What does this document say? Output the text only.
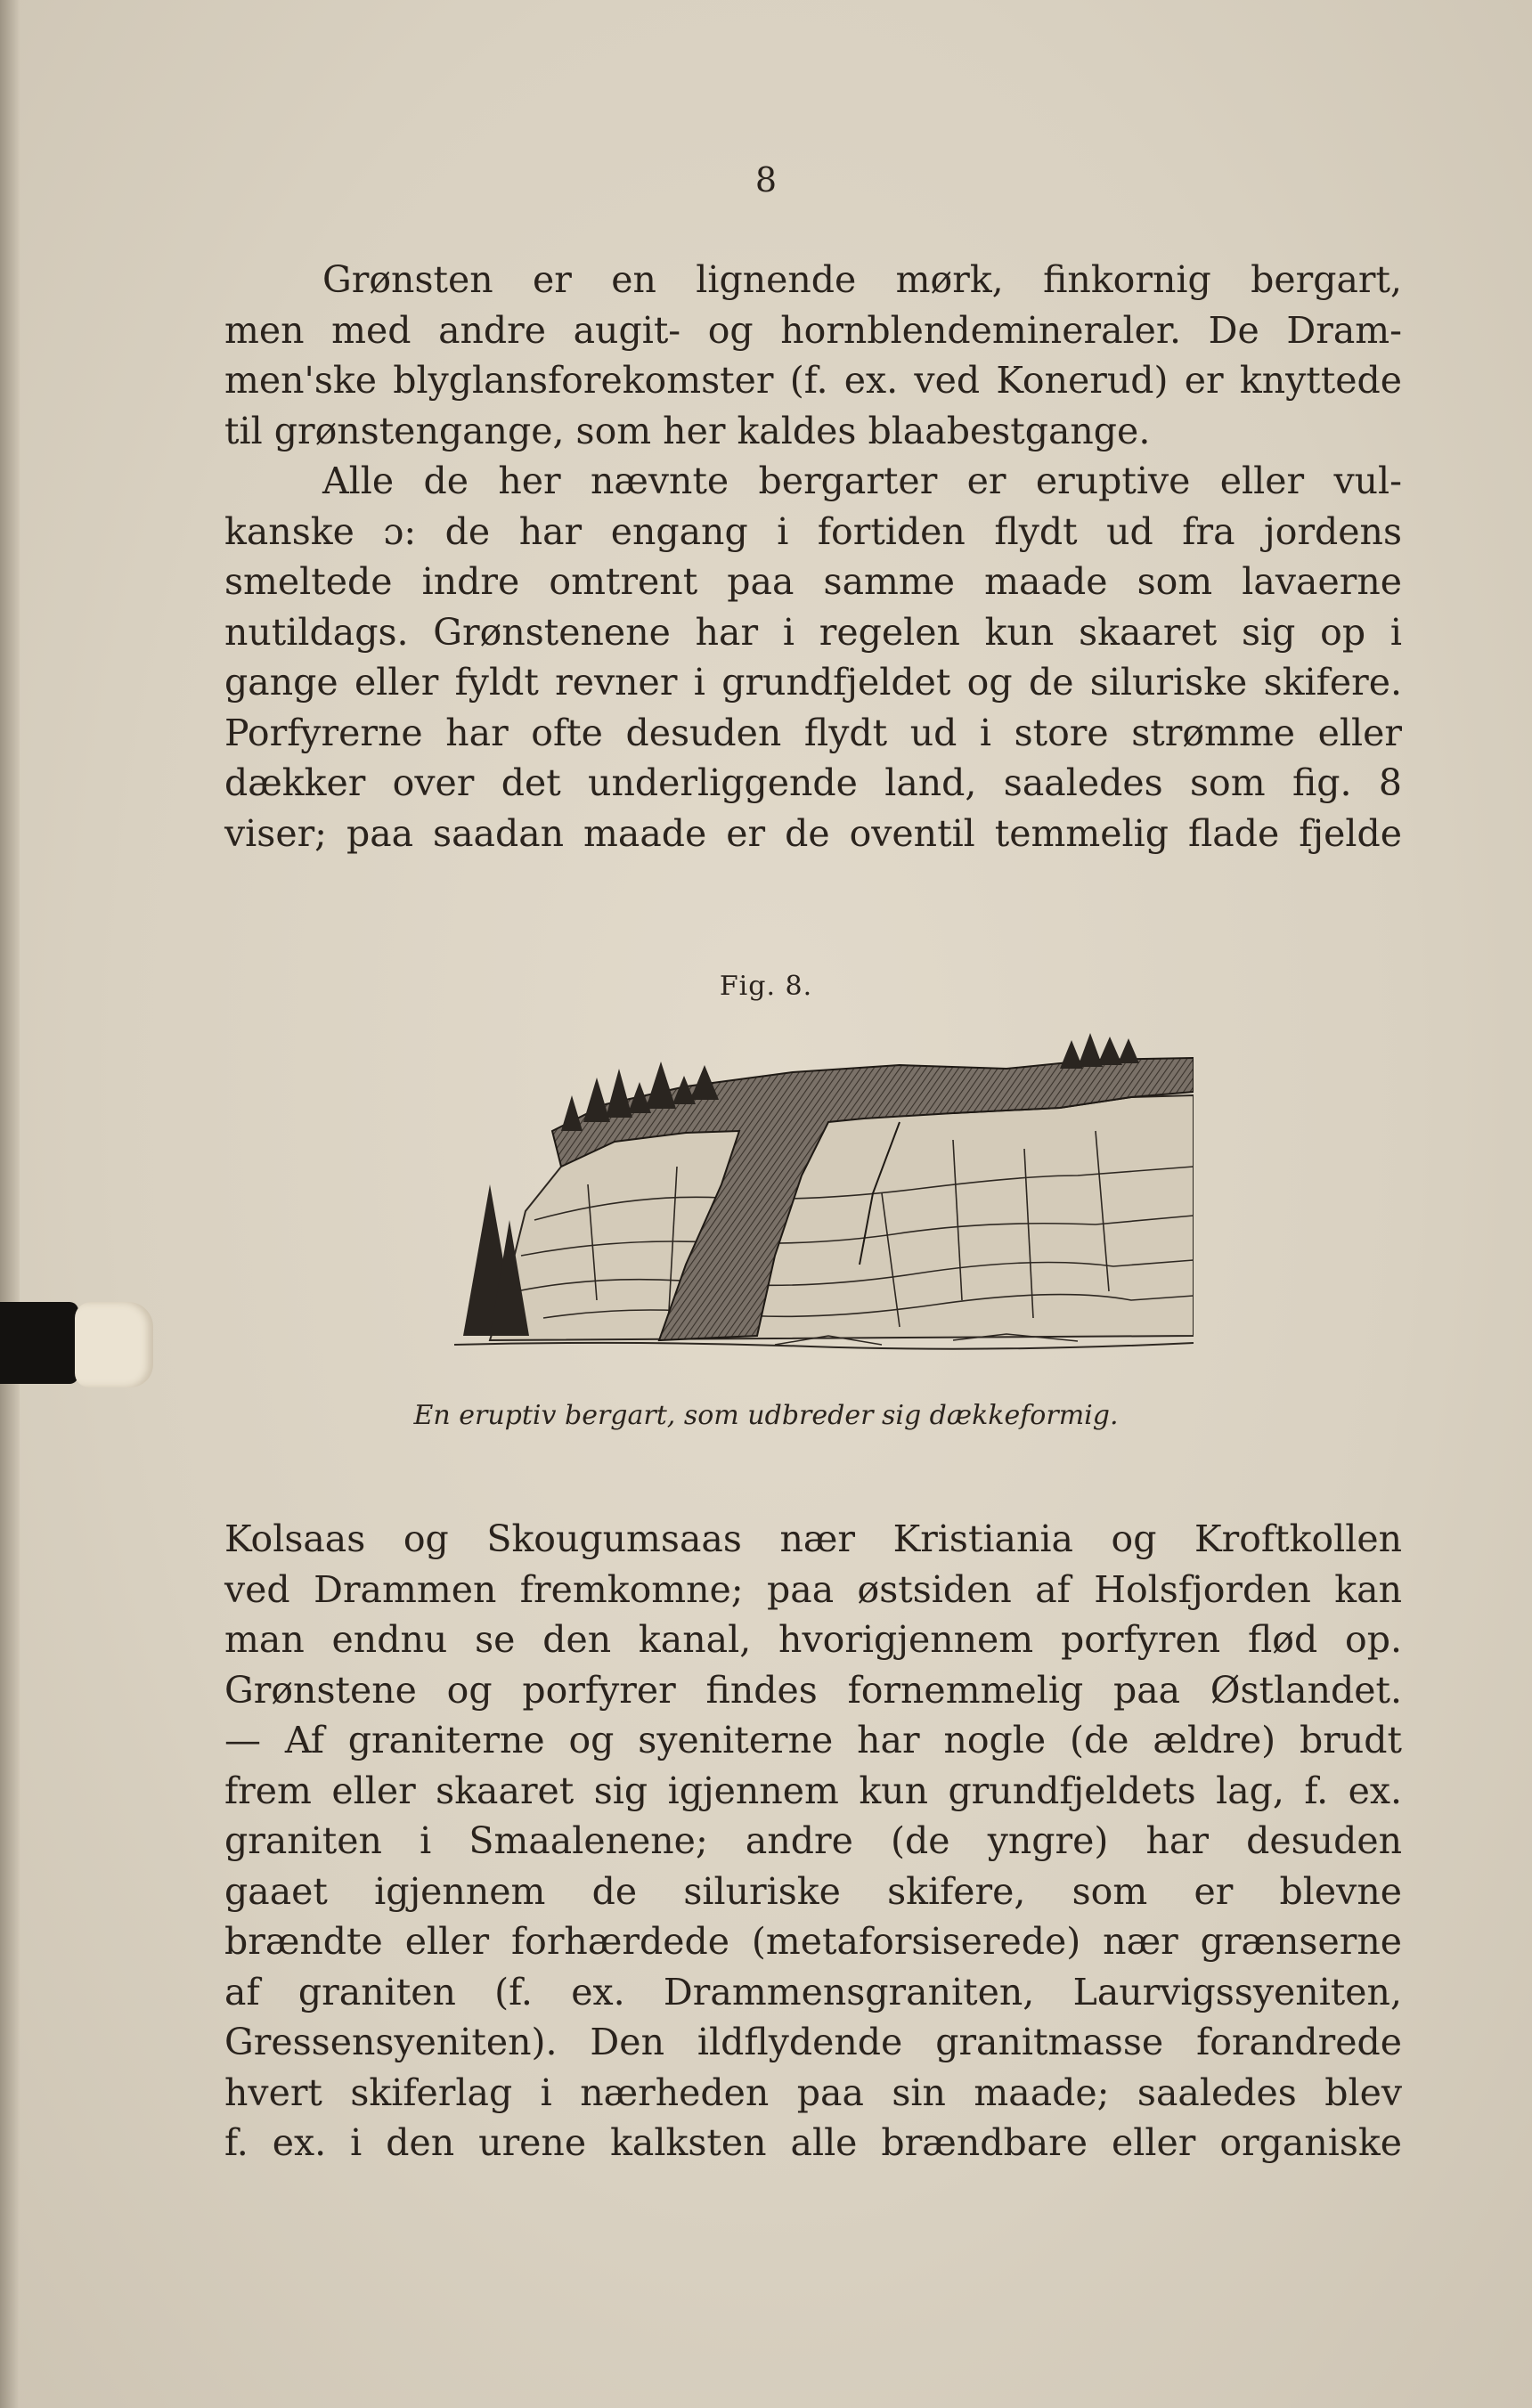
8
Grønsten er en lignende mørk, finkornig bergart,
men med andre augit- og hornblendemineraler. De Dram-
men'ske blyglansforekomster (f. ex. ved Konerud) er knyttede
til grønstengange, som her kaldes blaabestgange.
Alle de her nævnte bergarter er eruptive eller vul-
kanske ɔ: de har engang i fortiden flydt ud fra jordens
smeltede indre omtrent paa samme maade som lavaerne
nutildags. Grønstenene har i regelen kun skaaret sig op i
gange eller fyldt revner i grundfjeldet og de siluriske skifere.
Porfyrerne har ofte desuden flydt ud i store strømme eller
dækker over det underliggende land, saaledes som fig. 8
viser; paa saadan maade er de oventil temmelig flade fjelde
Fig. 8.
En eruptiv bergart, som udbreder sig dækkeformig.
Kolsaas og Skougumsaas nær Kristiania og Kroftkollen
ved Drammen fremkomne; paa østsiden af Holsfjorden kan
man endnu se den kanal, hvorigjennem porfyren flød op.
Grønstene og porfyrer findes fornemmelig paa Østlandet.
— Af graniterne og syeniterne har nogle (de ældre) brudt
frem eller skaaret sig igjennem kun grundfjeldets lag, f. ex.
graniten i Smaalenene; andre (de yngre) har desuden
gaaet igjennem de siluriske skifere, som er blevne
brændte eller forhærdede (metaforsiserede) nær grænserne
af graniten (f. ex. Drammensgraniten, Laurvigssyeniten,
Gressensyeniten). Den ildflydende granitmasse forandrede
hvert skiferlag i nærheden paa sin maade; saaledes blev
f. ex. i den urene kalksten alle brændbare eller organiske
